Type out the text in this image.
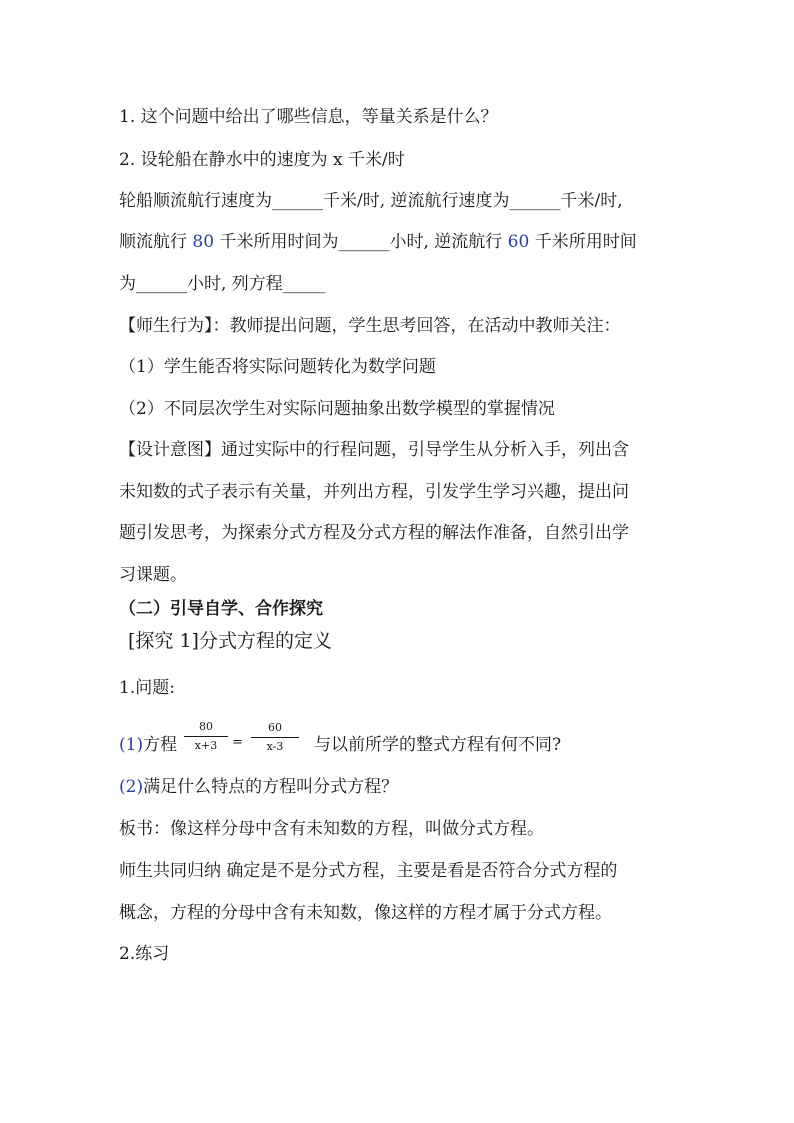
1. 这个问题中给出了哪些信息，等量关系是什么？
2. 设轮船在静水中的速度为 x 千米/时
轮船顺流航行速度为______千米/时, 逆流航行速度为______千米/时,
顺流航行 80 千米所用时间为______小时, 逆流航行 60 千米所用时间
为______小时, 列方程_____
【师生行为】：教师提出问题，学生思考回答，在活动中教师关注：
（1）学生能否将实际问题转化为数学问题
（2）不同层次学生对实际问题抽象出数学模型的掌握情况
【设计意图】通过实际中的行程问题，引导学生从分析入手，列出含
未知数的式子表示有关量，并列出方程，引发学生学习兴趣，提出问
题引发思考，为探索分式方程及分式方程的解法作准备，自然引出学
习课题。
（二）引导自学、合作探究
[探究 1]分式方程的定义
1.问题:
(1)方程
80
x+3	=
60
x-3	与以前所学的整式方程有何不同?
(2)满足什么特点的方程叫分式方程？
板书：像这样分母中含有未知数的方程，叫做分式方程。
师生共同归纳 确定是不是分式方程，主要是看是否符合分式方程的
概念，方程的分母中含有未知数，像这样的方程才属于分式方程。
2.练习
